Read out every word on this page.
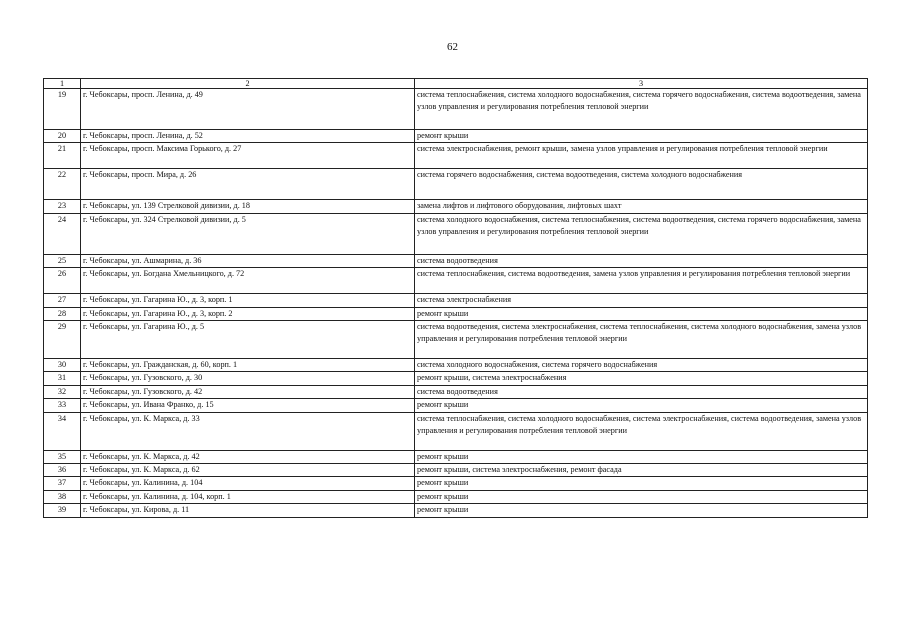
62
1	2	3
19	г. Чебоксары, просп. Ленина, д. 49	система теплоснабжения, система холодного водоснабжения, система горячего водоснабжения, система водоотведения, замена узлов управления и регулирования потребления тепловой энергии
20	г. Чебоксары, просп. Ленина, д. 52	ремонт крыши
21	г. Чебоксары, просп. Максима Горького, д. 27	система электроснабжения, ремонт крыши, замена узлов управления и регулирования потребления тепловой энергии
22	г. Чебоксары, просп. Мира, д. 26	система горячего водоснабжения, система водоотведения, система холодного водоснабжения
23	г. Чебоксары, ул. 139 Стрелковой дивизии, д. 18	замена лифтов и лифтового оборудования, лифтовых шахт
24	г. Чебоксары, ул. 324 Стрелковой дивизии, д. 5	система холодного водоснабжения, система теплоснабжения, система водоотведения, система горячего водоснабжения, замена узлов управления и регулирования потребления тепловой энергии
25	г. Чебоксары, ул. Ашмарина, д. 36	система водоотведения
26	г. Чебоксары, ул. Богдана Хмельницкого, д. 72	система теплоснабжения, система водоотведения, замена узлов управления и регулирования потребления тепловой энергии
27	г. Чебоксары, ул. Гагарина Ю., д. 3, корп. 1	система электроснабжения
28	г. Чебоксары, ул. Гагарина Ю., д. 3, корп. 2	ремонт крыши
29	г. Чебоксары, ул. Гагарина Ю., д. 5	система водоотведения, система электроснабжения, система теплоснабжения, система холодного водоснабжения, замена узлов управления и регулирования потребления тепловой энергии
30	г. Чебоксары, ул. Гражданская, д. 60, корп. 1	система холодного водоснабжения, система горячего водоснабжения
31	г. Чебоксары, ул. Гузовского, д. 30	ремонт крыши, система электроснабжения
32	г. Чебоксары, ул. Гузовского, д. 42	система водоотведения
33	г. Чебоксары, ул. Ивана Франко, д. 15	ремонт крыши
34	г. Чебоксары, ул. К. Маркса, д. 33	система теплоснабжения, система холодного водоснабжения, система электроснабжения, система водоотведения, замена узлов управления и регулирования потребления тепловой энергии
35	г. Чебоксары, ул. К. Маркса, д. 42	ремонт крыши
36	г. Чебоксары, ул. К. Маркса, д. 62	ремонт крыши, система электроснабжения, ремонт фасада
37	г. Чебоксары, ул. Калинина, д. 104	ремонт крыши
38	г. Чебоксары, ул. Калинина, д. 104, корп. 1	ремонт крыши
39	г. Чебоксары, ул. Кирова, д. 11	ремонт крыши
